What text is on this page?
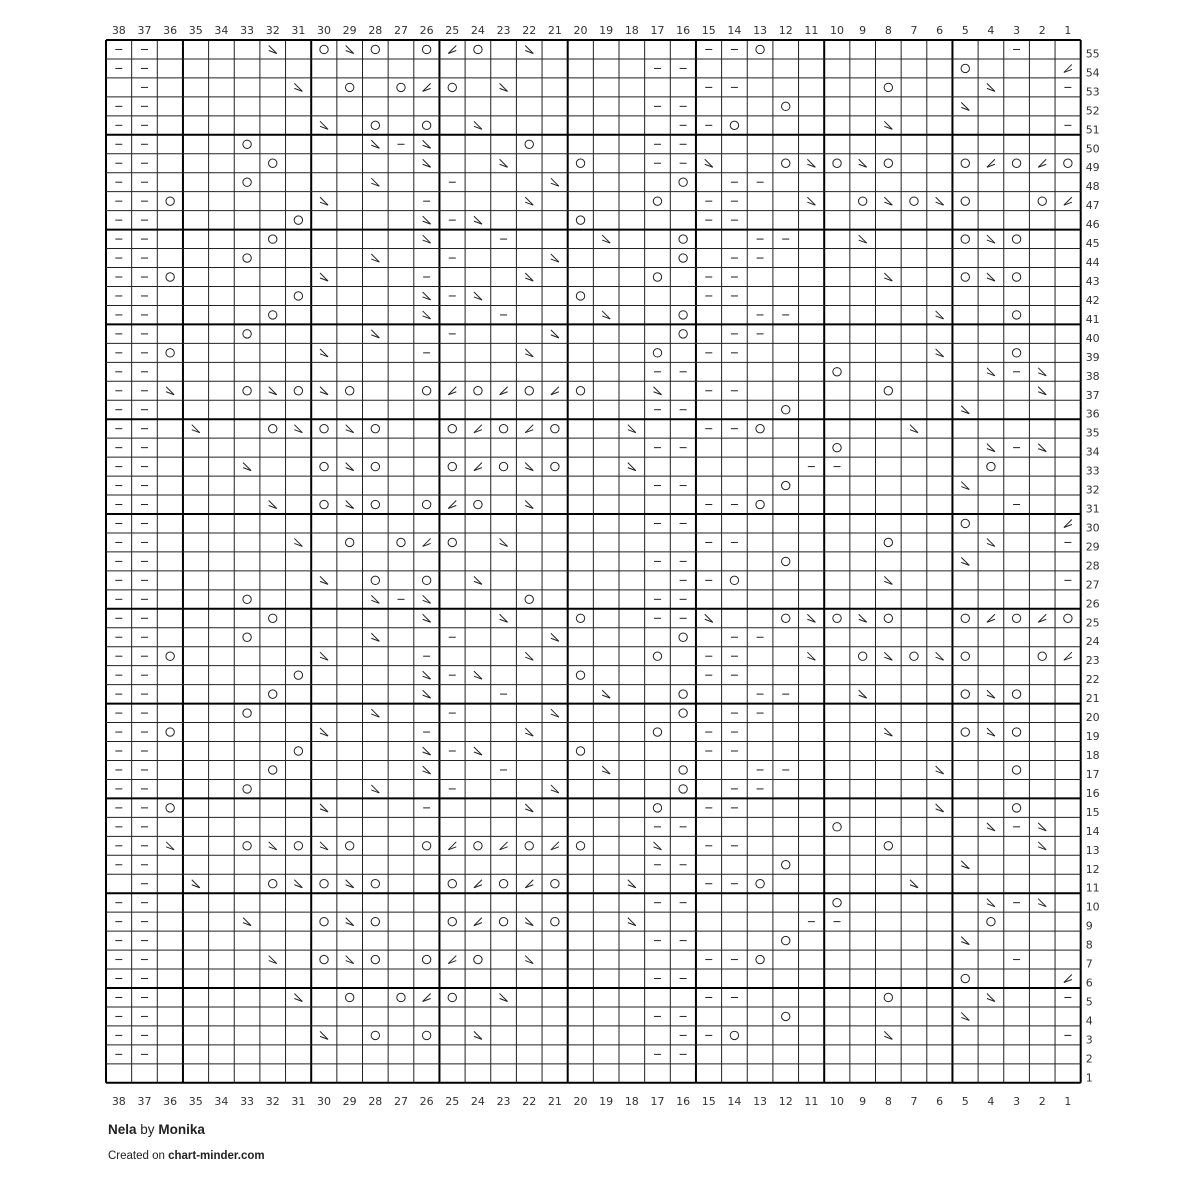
38 37 36 35 34 33 32 31 30 29 28 27 26 25 24 23 22 21 20 19 18 17 16 15 14 13 12 11 10 9 8 7 6 5 4 3 2 1
38 37 36 35 34 33 32 31 30 29 28 27 26 25 24 23 22 21 20 19 18 17 16 15 14 13 12 11 10 9 8 7 6 5 4 3 2 1
55
54
53
52
51
50
49
48
47
46
45
44
43
42
41
40
39
38
37
36
35
34
33
32
31
30
29
28
27
26
25
24
23
22
21
20
19
18
17
16
15
14
13
12
11
10
9
8
7
6
5
4
3
2
1
Nela by Monika
Created on chart-minder.com
